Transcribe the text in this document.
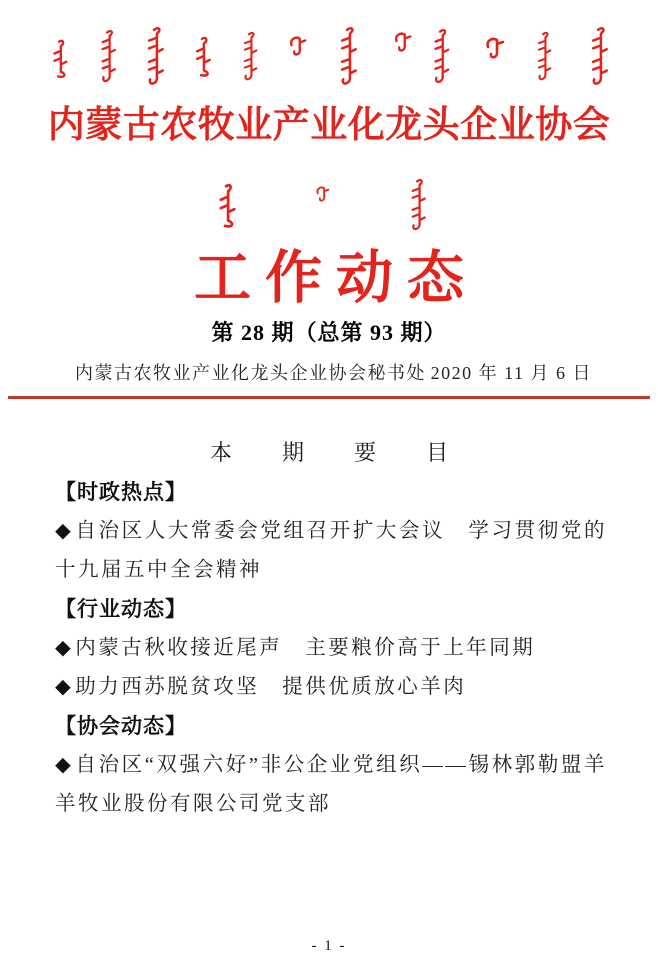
内蒙古农牧业产业化龙头企业协会
工作动态
第 28 期（总第 93 期）
内蒙古农牧业产业化龙头企业协会秘书处 2020 年 11 月 6 日
本 期 要 目
【时政热点】

◆自治区人大常委会党组召开扩大会议　学习贯彻党的十九届五中全会精神

【行业动态】

◆内蒙古秋收接近尾声　主要粮价高于上年同期

◆助力西苏脱贫攻坚　提供优质放心羊肉

【协会动态】

◆自治区“双强六好”非公企业党组织——锡林郭勒盟羊羊牧业股份有限公司党支部

- 1 -
